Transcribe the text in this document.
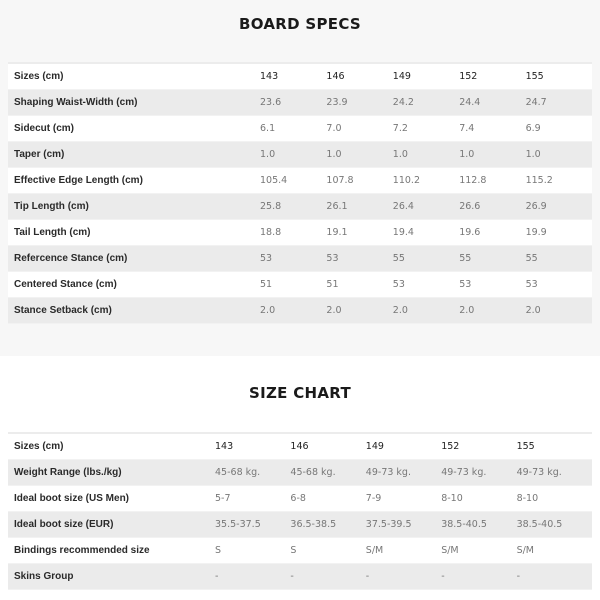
BOARD SPECS
Sizes (cm)	143	146	149	152	155
Shaping Waist-Width (cm)	23.6	23.9	24.2	24.4	24.7
Sidecut (cm)	6.1	7.0	7.2	7.4	6.9
Taper (cm)	1.0	1.0	1.0	1.0	1.0
Effective Edge Length (cm)	105.4	107.8	110.2	112.8	115.2
Tip Length (cm)	25.8	26.1	26.4	26.6	26.9
Tail Length (cm)	18.8	19.1	19.4	19.6	19.9
Refercence Stance (cm)	53	53	55	55	55
Centered Stance (cm)	51	51	53	53	53
Stance Setback (cm)	2.0	2.0	2.0	2.0	2.0
SIZE CHART
Sizes (cm)	143	146	149	152	155
Weight Range (lbs./kg)	45-68 kg.	45-68 kg.	49-73 kg.	49-73 kg.	49-73 kg.
Ideal boot size (US Men)	5-7	6-8	7-9	8-10	8-10
Ideal boot size (EUR)	35.5-37.5	36.5-38.5	37.5-39.5	38.5-40.5	38.5-40.5
Bindings recommended size	S	S	S/M	S/M	S/M
Skins Group	-	-	-	-	-
